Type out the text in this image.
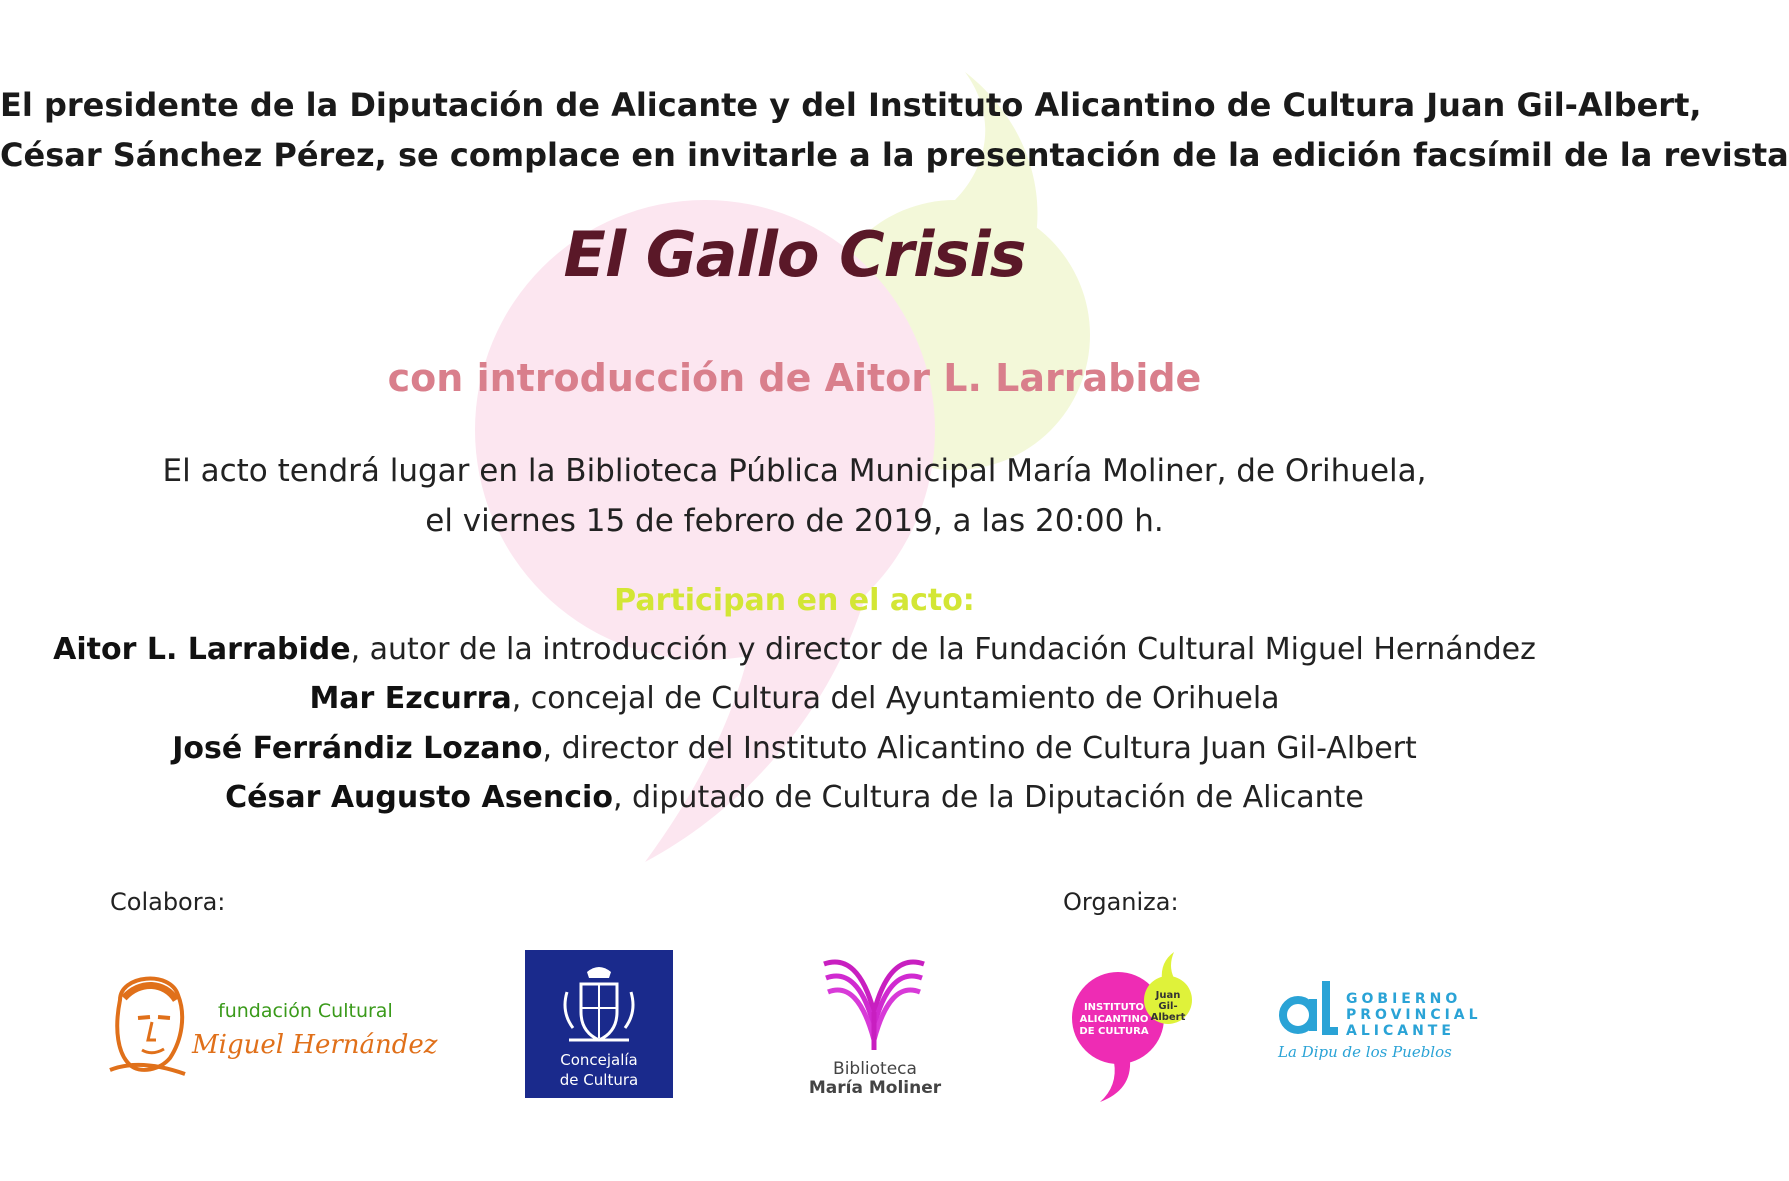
El presidente de la Diputación de Alicante y del Instituto Alicantino de Cultura Juan Gil-Albert,
César Sánchez Pérez, se complace en invitarle a la presentación de la edición facsímil de la revista
El Gallo Crisis
con introducción de Aitor L. Larrabide
El acto tendrá lugar en la Biblioteca Pública Municipal María Moliner, de Orihuela,
el viernes 15 de febrero de 2019, a las 20:00 h.
Participan en el acto:
Aitor L. Larrabide, autor de la introducción y director de la Fundación Cultural Miguel Hernández
Mar Ezcurra, concejal de Cultura del Ayuntamiento de Orihuela
José Ferrándiz Lozano, director del Instituto Alicantino de Cultura Juan Gil-Albert
César Augusto Asencio, diputado de Cultura de la Diputación de Alicante
Colabora:	Organiza:
fundación Cultural
Miguel Hernández	Concejalía
de Cultura
Biblioteca
María Moliner
INSTITUTO
ALICANTINO
DE CULTURA
Juan
Gil-Albert
GOBIERNO
PROVINCIAL
ALICANTE
La Dipu de los Pueblos
